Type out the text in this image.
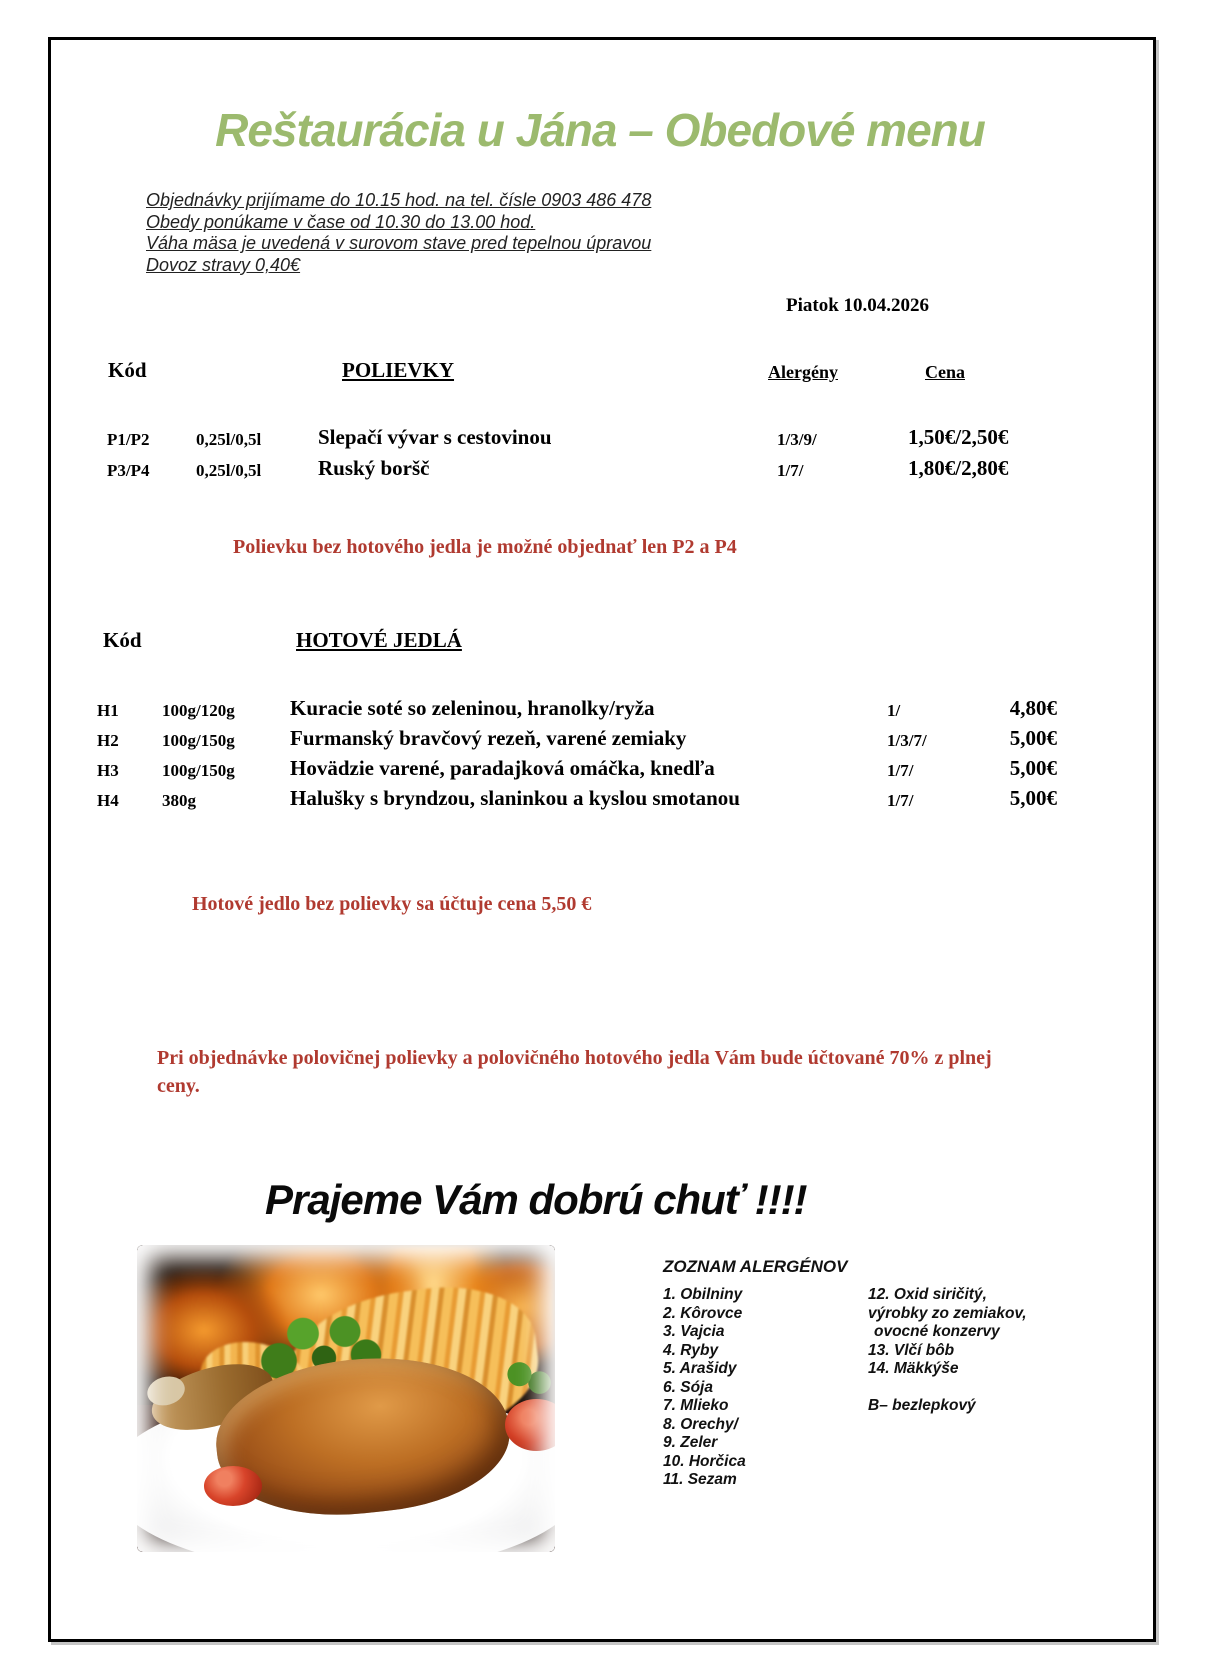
Reštaurácia u Jána – Obedové menu
Objednávky prijímame do 10.15 hod. na tel. čísle 0903 486 478
Obedy ponúkame v čase od 10.30 do 13.00 hod.
Váha mäsa je uvedená v surovom stave pred tepelnou úpravou
Dovoz stravy 0,40€
Piatok 10.04.2026
Kód	POLIEVKY	Alergény	Cena
P1/P2	0,25l/0,5l	Slepačí vývar s cestovinou	1/3/9/	1,50€/2,50€
P3/P4	0,25l/0,5l	Ruský boršč	1/7/	1,80€/2,80€
Polievku bez hotového jedla je možné objednať len P2 a P4
Kód	HOTOVÉ JEDLÁ
H1	100g/120g	Kuracie soté so zeleninou, hranolky/ryža	1/	4,80€
H2	100g/150g	Furmanský bravčový rezeň, varené zemiaky	1/3/7/	5,00€
H3	100g/150g	Hovädzie varené, paradajková omáčka, knedľa	1/7/	5,00€
H4	380g	Halušky s bryndzou, slaninkou a kyslou smotanou	1/7/	5,00€
Hotové jedlo bez polievky sa účtuje cena 5,50 €
Pri objednávke polovičnej polievky a polovičného hotového jedla Vám bude účtované 70% z plnej ceny.
Prajeme Vám dobrú chuť !!!!
ZOZNAM ALERGÉNOV
1. Obilniny
2. Kôrovce
3. Vajcia
4. Ryby
5. Arašidy
6. Sója
7. Mlieko
8. Orechy/
9. Zeler
10. Horčica
11. Sezam
12. Oxid siričitý,
výrobky zo zemiakov,
ovocné konzervy
13. Vlčí bôb
14. Mäkkýše
B– bezlepkový
